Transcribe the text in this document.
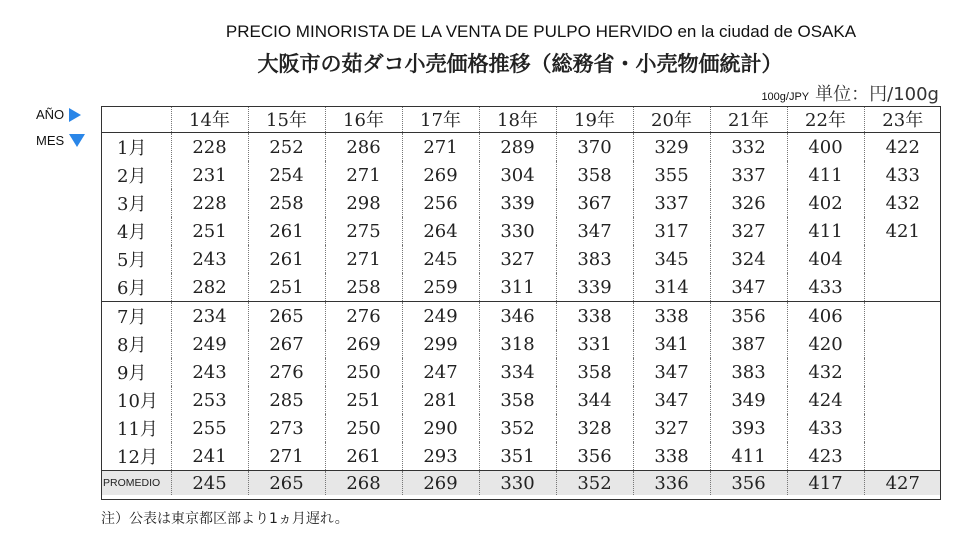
PRECIO MINORISTA DE LA VENTA DE PULPO HERVIDO en la ciudad de OSAKA
大阪市の茹ダコ小売価格推移（総務省・小売物価統計）
100g/JPY 単位：円/100g
AÑO
MES
	14年	15年	16年	17年	18年	19年	20年	21年	22年	23年
1月	228	252	286	271	289	370	329	332	400	422
2月	231	254	271	269	304	358	355	337	411	433
3月	228	258	298	256	339	367	337	326	402	432
4月	251	261	275	264	330	347	317	327	411	421
5月	243	261	271	245	327	383	345	324	404	
6月	282	251	258	259	311	339	314	347	433	
7月	234	265	276	249	346	338	338	356	406	
8月	249	267	269	299	318	331	341	387	420	
9月	243	276	250	247	334	358	347	383	432	
10月	253	285	251	281	358	344	347	349	424	
11月	255	273	250	290	352	328	327	393	433	
12月	241	271	261	293	351	356	338	411	423	
PROMEDIO	245	265	268	269	330	352	336	356	417	427
注）公表は東京都区部より1ヵ月遅れ。
